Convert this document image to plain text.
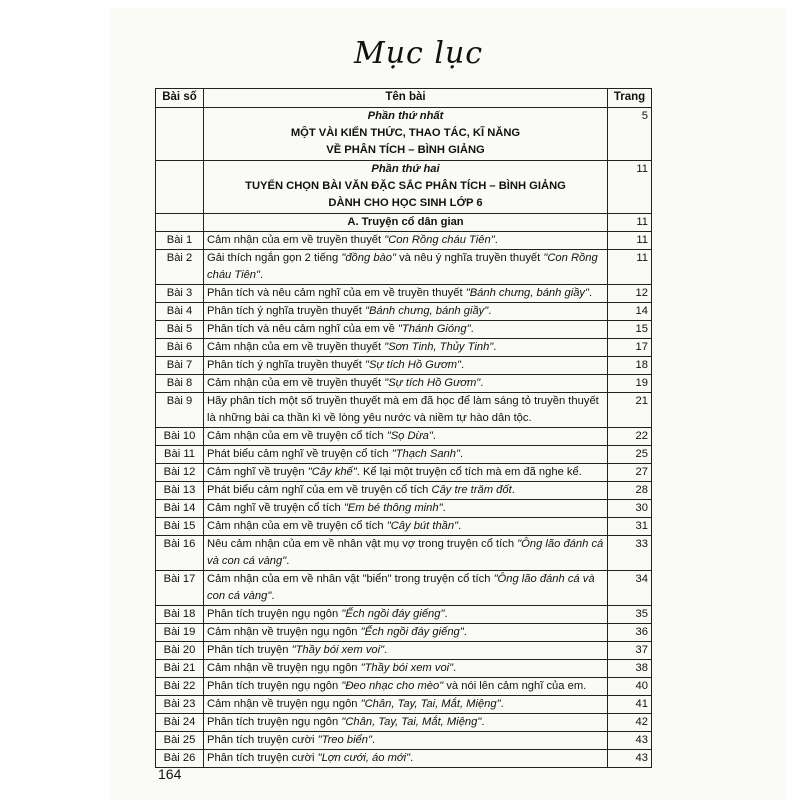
Mục lục
Bài số	Tên bài	Trang

	Phần thứ nhất
MỘT VÀI KIẾN THỨC, THAO TÁC, KĨ NĂNG
VỀ PHÂN TÍCH – BÌNH GIẢNG	5

	Phần thứ hai
TUYỂN CHỌN BÀI VĂN ĐẶC SẮC PHÂN TÍCH – BÌNH GIẢNG
DÀNH CHO HỌC SINH LỚP 6	11

	A. Truyện cổ dân gian	11
Bài 1	Cảm nhận của em về truyền thuyết "Con Rồng cháu Tiên".	11
Bài 2	Gải thích ngắn gọn 2 tiếng "đồng bào" và nêu ý nghĩa truyền thuyết "Con Rồng cháu Tiên".	11
Bài 3	Phân tích và nêu cảm nghĩ của em về truyền thuyết "Bánh chưng, bánh giầy".	12
Bài 4	Phân tích ý nghĩa truyền thuyết "Bánh chưng, bánh giầy".	14
Bài 5	Phân tích và nêu cảm nghĩ của em về "Thánh Gióng".	15
Bài 6	Cảm nhận của em về truyền thuyết "Sơn Tinh, Thủy Tinh".	17
Bài 7	Phân tích ý nghĩa truyền thuyết "Sự tích Hồ Gươm".	18
Bài 8	Cảm nhận của em về truyền thuyết "Sự tích Hồ Gươm".	19
Bài 9	Hãy phân tích một số truyền thuyết mà em đã học để làm sáng tỏ truyền thuyết là những bài ca thần kì về lòng yêu nước và niềm tự hào dân tộc.	21
Bài 10	Cảm nhận của em về truyện cổ tích "Sọ Dừa".	22
Bài 11	Phát biểu cảm nghĩ về truyện cổ tích "Thạch Sanh".	25
Bài 12	Cảm nghĩ về truyện "Cây khế". Kể lại một truyện cổ tích mà em đã nghe kể.	27
Bài 13	Phát biểu cảm nghĩ của em về truyện cổ tích Cây tre trăm đốt.	28
Bài 14	Cảm nghĩ về truyện cổ tích "Em bé thông minh".	30
Bài 15	Cảm nhận của em về truyện cổ tích "Cây bút thần".	31
Bài 16	Nêu cảm nhận của em về nhân vật mụ vợ trong truyện cổ tích "Ông lão đánh cá và con cá vàng".	33
Bài 17	Cảm nhận của em về nhân vật "biển" trong truyện cổ tích "Ông lão đánh cá và con cá vàng".	34
Bài 18	Phân tích truyện ngụ ngôn "Ếch ngồi đáy giếng".	35
Bài 19	Cảm nhận về truyện ngụ ngôn "Ếch ngồi đáy giếng".	36
Bài 20	Phân tích truyện "Thầy bói xem voi".	37
Bài 21	Cảm nhận về truyện ngụ ngôn "Thầy bói xem voi".	38
Bài 22	Phân tích truyện ngụ ngôn "Đeo nhạc cho mèo" và nói lên cảm nghĩ của em.	40
Bài 23	Cảm nhận về truyện ngụ ngôn "Chân, Tay, Tai, Mắt, Miệng".	41
Bài 24	Phân tích truyện ngụ ngôn "Chân, Tay, Tai, Mắt, Miệng".	42
Bài 25	Phân tích truyện cười "Treo biển".	43
Bài 26	Phân tích truyện cười "Lợn cưới, áo mới".	43
164
